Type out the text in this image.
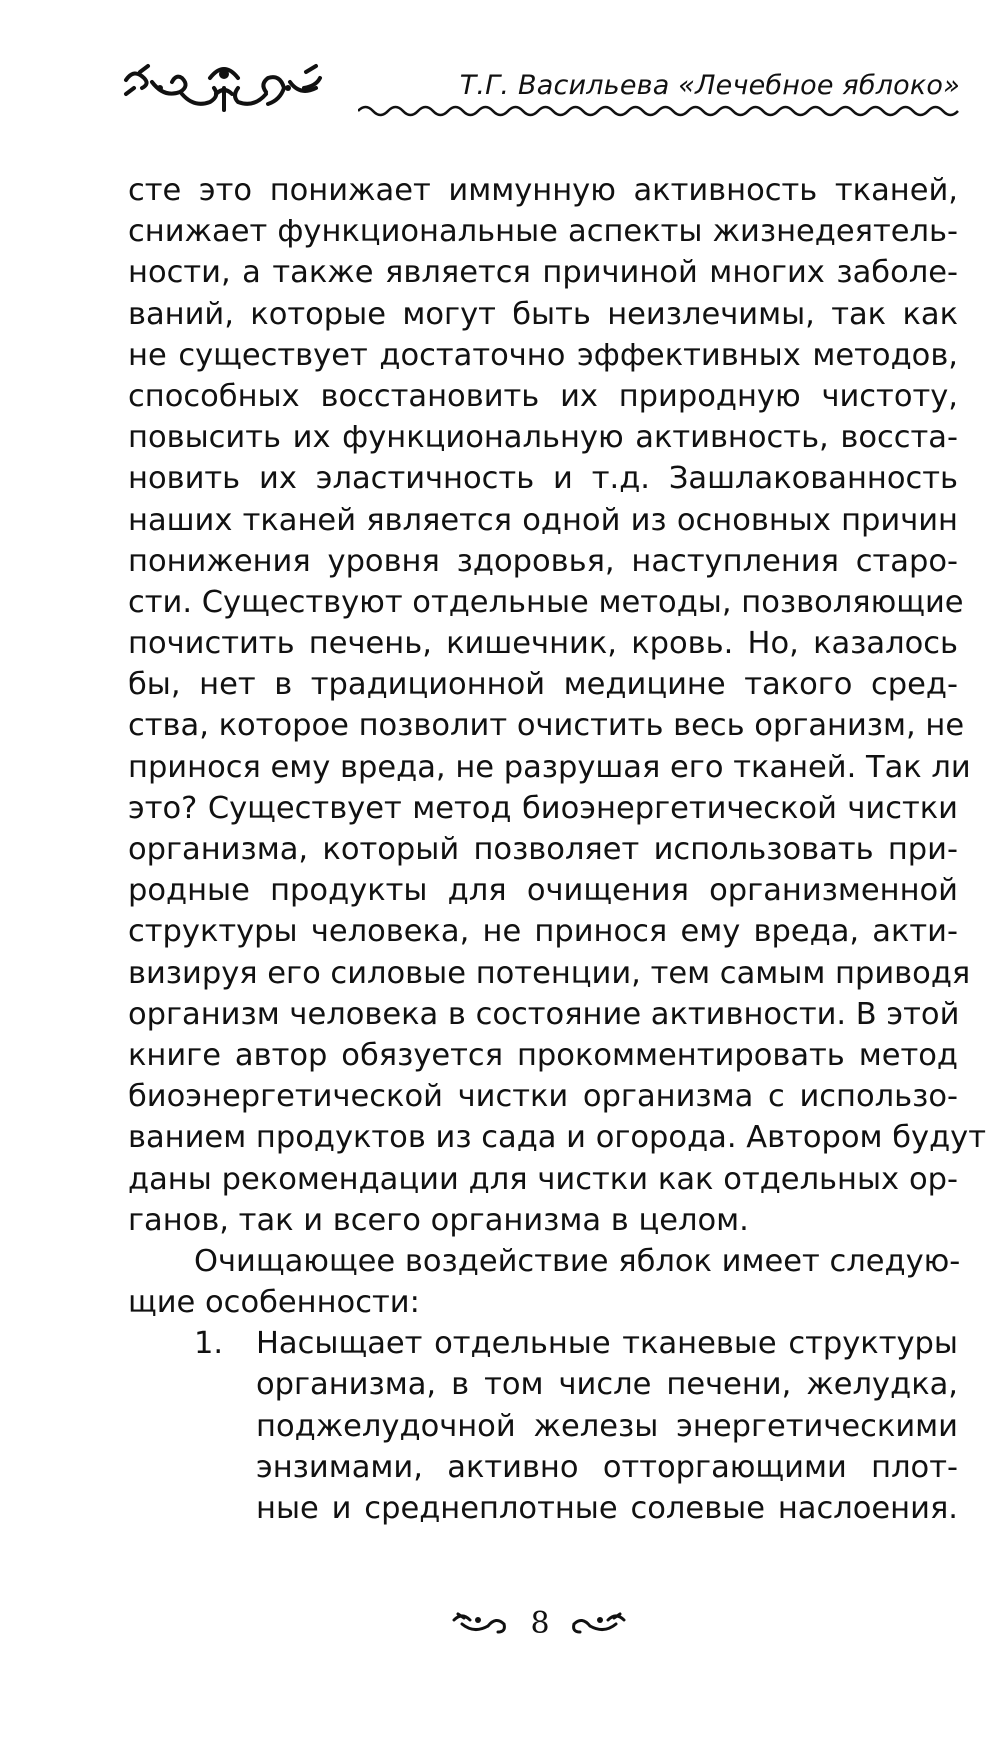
Т.Г. Васильева «Лечебное яблоко»
сте это понижает иммунную активность тканей,
снижает функциональные аспекты жизнедеятель-
ности, а также является причиной многих заболе-
ваний, которые могут быть неизлечимы, так как
не существует достаточно эффективных методов,
способных восстановить их природную чистоту,
повысить их функциональную активность, восста-
новить их эластичность и т.д. Зашлакованность
наших тканей является одной из основных причин
понижения уровня здоровья, наступления старо-
сти. Существуют отдельные методы, позволяющие
почистить печень, кишечник, кровь. Но, казалось
бы, нет в традиционной медицине такого сред-
ства, которое позволит очистить весь организм, не
принося ему вреда, не разрушая его тканей. Так ли
это? Существует метод биоэнергетической чистки
организма, который позволяет использовать при-
родные продукты для очищения организменной
структуры человека, не принося ему вреда, акти-
визируя его силовые потенции, тем самым приводя
организм человека в состояние активности. В этой
книге автор обязуется прокомментировать метод
биоэнергетической чистки организма с использо-
ванием продуктов из сада и огорода. Автором будут
даны рекомендации для чистки как отдельных ор-
ганов, так и всего организма в целом.
Очищающее воздействие яблок имеет следую-
щие особенности:
1. Насыщает отдельные тканевые структуры
организма, в том числе печени, желудка,
поджелудочной железы энергетическими
энзимами, активно отторгающими плот-
ные и среднеплотные солевые наслоения.
8
